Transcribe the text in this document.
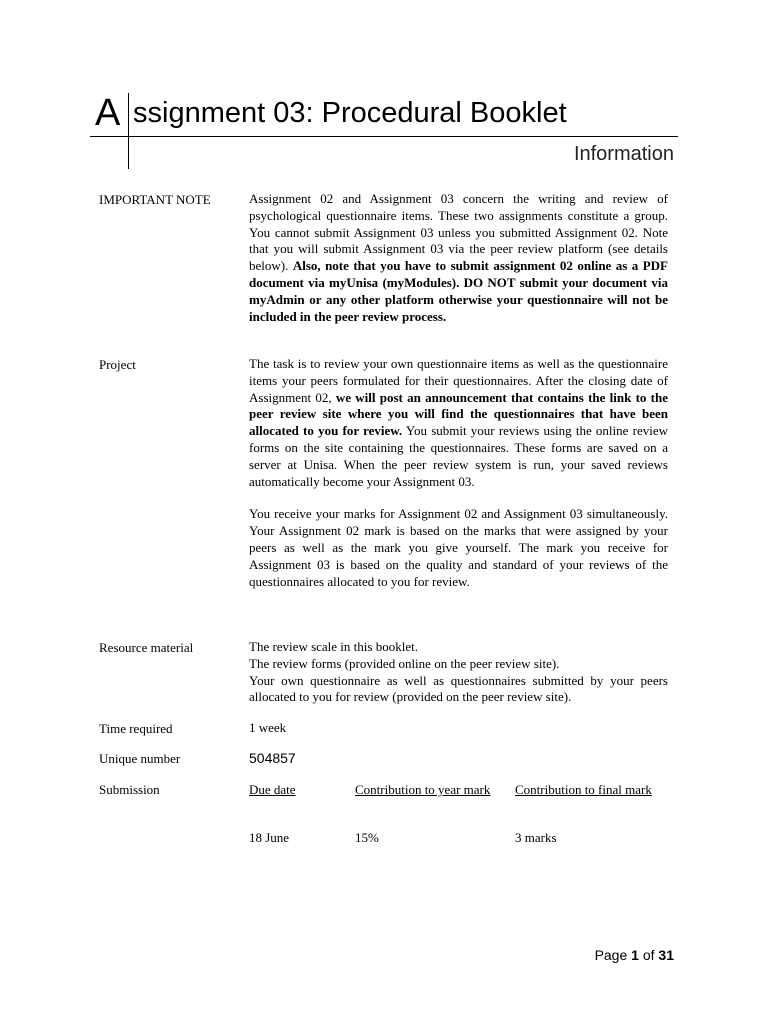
A ssignment 03: Procedural Booklet
Information
IMPORTANT NOTE	Assignment 02 and Assignment 03 concern the writing and review of psychological questionnaire items. These two assignments constitute a group. You cannot submit Assignment 03 unless you submitted Assignment 02. Note that you will submit Assignment 03 via the peer review platform (see details below). Also, note that you have to submit assignment 02 online as a PDF document via myUnisa (myModules). DO NOT submit your document via myAdmin or any other platform otherwise your questionnaire will not be included in the peer review process.

Project	The task is to review your own questionnaire items as well as the questionnaire items your peers formulated for their questionnaires. After the closing date of Assignment 02, we will post an announcement that contains the link to the peer review site where you will find the questionnaires that have been allocated to you for review. You submit your reviews using the online review forms on the site containing the questionnaires. These forms are saved on a server at Unisa. When the peer review system is run, your saved reviews automatically become your Assignment 03.

You receive your marks for Assignment 02 and Assignment 03 simultaneously. Your Assignment 02 mark is based on the marks that were assigned by your peers as well as the mark you give yourself. The mark you receive for Assignment 03 is based on the quality and standard of your reviews of the questionnaires allocated to you for review.

Resource material	The review scale in this booklet.

The review forms (provided online on the peer review site).

Your own questionnaire as well as questionnaires submitted by your peers allocated to you for review (provided on the peer review site).

Time required	1 week
Unique number	504857
Submission	Due date	Contribution to year mark	Contribution to final mark
18 June	15%	3 marks
Page 1 of 31
